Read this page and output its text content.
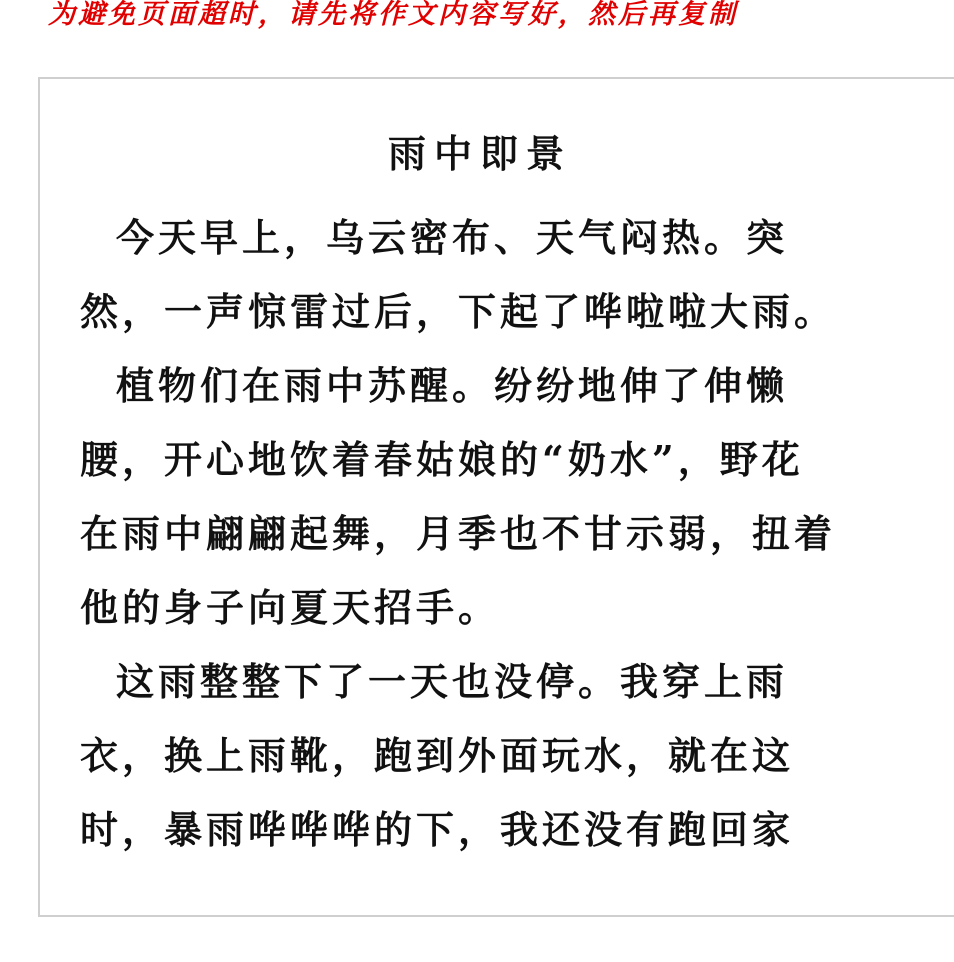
为避免页面超时，请先将作文内容写好，然后再复制
雨中即景
今天早上，乌云密布、天气闷热。突
然，一声惊雷过后，下起了哗啦啦大雨。
植物们在雨中苏醒。纷纷地伸了伸懒
腰，开心地饮着春姑娘的“奶水”，野花
在雨中翩翩起舞，月季也不甘示弱，扭着
他的身子向夏天招手。
这雨整整下了一天也没停。我穿上雨
衣，换上雨靴，跑到外面玩水，就在这
时，暴雨哗哗哗的下，我还没有跑回家
